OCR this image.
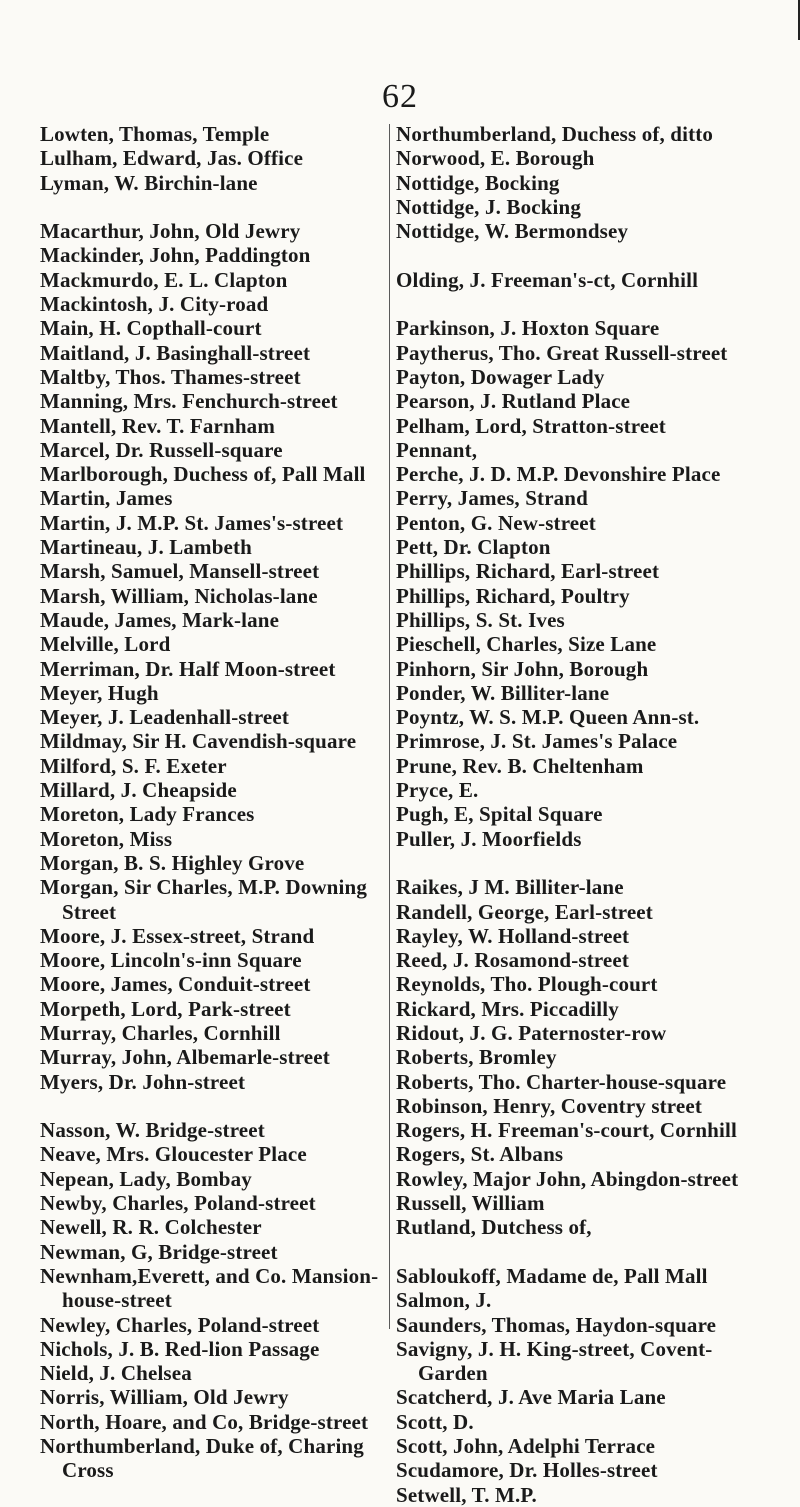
62
Lowten, Thomas, Temple
Lulham, Edward, Jas. Office
Lyman, W. Birchin-lane
Macarthur, John, Old Jewry
Mackinder, John, Paddington
Mackmurdo, E. L. Clapton
Mackintosh, J. City-road
Main, H. Copthall-court
Maitland, J. Basinghall-street
Maltby, Thos. Thames-street
Manning, Mrs. Fenchurch-street
Mantell, Rev. T. Farnham
Marcel, Dr. Russell-square
Marlborough, Duchess of, Pall Mall
Martin, James
Martin, J. M.P. St. James's-street
Martineau, J. Lambeth
Marsh, Samuel, Mansell-street
Marsh, William, Nicholas-lane
Maude, James, Mark-lane
Melville, Lord
Merriman, Dr. Half Moon-street
Meyer, Hugh
Meyer, J. Leadenhall-street
Mildmay, Sir H. Cavendish-square
Milford, S. F. Exeter
Millard, J. Cheapside
Moreton, Lady Frances
Moreton, Miss
Morgan, B. S. Highley Grove
Morgan, Sir Charles, M.P. Downing Street
Moore, J. Essex-street, Strand
Moore, Lincoln's-inn Square
Moore, James, Conduit-street
Morpeth, Lord, Park-street
Murray, Charles, Cornhill
Murray, John, Albemarle-street
Myers, Dr. John-street
Nasson, W. Bridge-street
Neave, Mrs. Gloucester Place
Nepean, Lady, Bombay
Newby, Charles, Poland-street
Newell, R. R. Colchester
Newman, G, Bridge-street
Newnham,Everett, and Co. Mansion-house-street
Newley, Charles, Poland-street
Nichols, J. B. Red-lion Passage
Nield, J. Chelsea
Norris, William, Old Jewry
North, Hoare, and Co, Bridge-street
Northumberland, Duke of, Charing Cross
Northumberland, Duchess of, ditto
Norwood, E. Borough
Nottidge, Bocking
Nottidge, J. Bocking
Nottidge, W. Bermondsey
Olding, J. Freeman's-ct, Cornhill
Parkinson, J. Hoxton Square
Paytherus, Tho. Great Russell-street
Payton, Dowager Lady
Pearson, J. Rutland Place
Pelham, Lord, Stratton-street
Pennant,
Perche, J. D. M.P. Devonshire Place
Perry, James, Strand
Penton, G. New-street
Pett, Dr. Clapton
Phillips, Richard, Earl-street
Phillips, Richard, Poultry
Phillips, S. St. Ives
Pieschell, Charles, Size Lane
Pinhorn, Sir John, Borough
Ponder, W. Billiter-lane
Poyntz, W. S. M.P. Queen Ann-st.
Primrose, J. St. James's Palace
Prune, Rev. B. Cheltenham
Pryce, E.
Pugh, E, Spital Square
Puller, J. Moorfields
Raikes, J M. Billiter-lane
Randell, George, Earl-street
Rayley, W. Holland-street
Reed, J. Rosamond-street
Reynolds, Tho. Plough-court
Rickard, Mrs. Piccadilly
Ridout, J. G. Paternoster-row
Roberts, Bromley
Roberts, Tho. Charter-house-square
Robinson, Henry, Coventry street
Rogers, H. Freeman's-court, Cornhill
Rogers, St. Albans
Rowley, Major John, Abingdon-street
Russell, William
Rutland, Dutchess of,
Sabloukoff, Madame de, Pall Mall
Salmon, J.
Saunders, Thomas, Haydon-square
Savigny, J. H. King-street, Covent-Garden
Scatcherd, J. Ave Maria Lane
Scott, D.
Scott, John, Adelphi Terrace
Scudamore, Dr. Holles-street
Setwell, T. M.P.
